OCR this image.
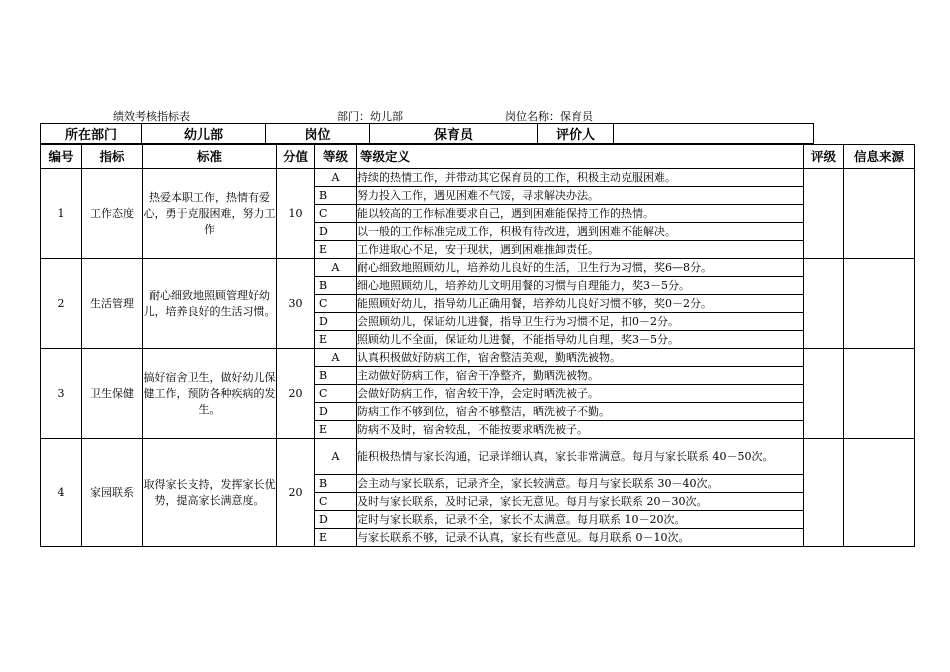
绩效考核指标表	部门：幼儿部	岗位名称：保育员
所在部门	幼儿部	岗位	保育员	评价人	
编号	指标	标准	分值	等级	等级定义	评级	信息来源
1	工作态度	热爱本职工作，热情有爱心，勇于克服困难，努力工作	10	A	持续的热情工作，并带动其它保育员的工作，积极主动克服困难。		
				B	努力投入工作，遇见困难不气馁，寻求解决办法。		
				C	能以较高的工作标准要求自己，遇到困难能保持工作的热情。		
				D	以一般的工作标准完成工作，积极有待改进，遇到困难不能解决。		
				E	工作进取心不足，安于现状，遇到困难推卸责任。		
2	生活管理	耐心细致地照顾管理好幼儿，培养良好的生活习惯。	30	A	耐心细致地照顾幼儿，培养幼儿良好的生活，卫生行为习惯，奖6—8分。		
				B	细心地照顾幼儿，培养幼儿文明用餐的习惯与自理能力，奖3－5分。		
				C	能照顾好幼儿，指导幼儿正确用餐，培养幼儿良好习惯不够，奖0－2分。		
				D	会照顾幼儿，保证幼儿进餐，指导卫生行为习惯不足，扣0－2分。		
				E	照顾幼儿不全面，保证幼儿进餐，不能指导幼儿自理，奖3－5分。		
3	卫生保健	搞好宿舍卫生，做好幼儿保健工作，预防各种疾病的发生。	20	A	认真积极做好防病工作，宿舍整洁美观，勤晒洗被物。		
				B	主动做好防病工作，宿舍干净整齐，勤晒洗被物。		
				C	会做好防病工作，宿舍较干净，会定时晒洗被子。		
				D	防病工作不够到位，宿舍不够整洁，晒洗被子不勤。		
				E	防病不及时，宿舍较乱，不能按要求晒洗被子。		
4	家园联系	取得家长支持，发挥家长优势，提高家长满意度。	20	A	能积极热情与家长沟通，记录详细认真，家长非常满意。每月与家长联系 40－50次。		
				B	会主动与家长联系，记录齐全，家长较满意。每月与家长联系 30－40次。		
				C	及时与家长联系，及时记录，家长无意见。每月与家长联系 20－30次。		
				D	定时与家长联系，记录不全，家长不太满意。每月联系 10－20次。		
				E	与家长联系不够，记录不认真，家长有些意见。每月联系 0－10次。		
